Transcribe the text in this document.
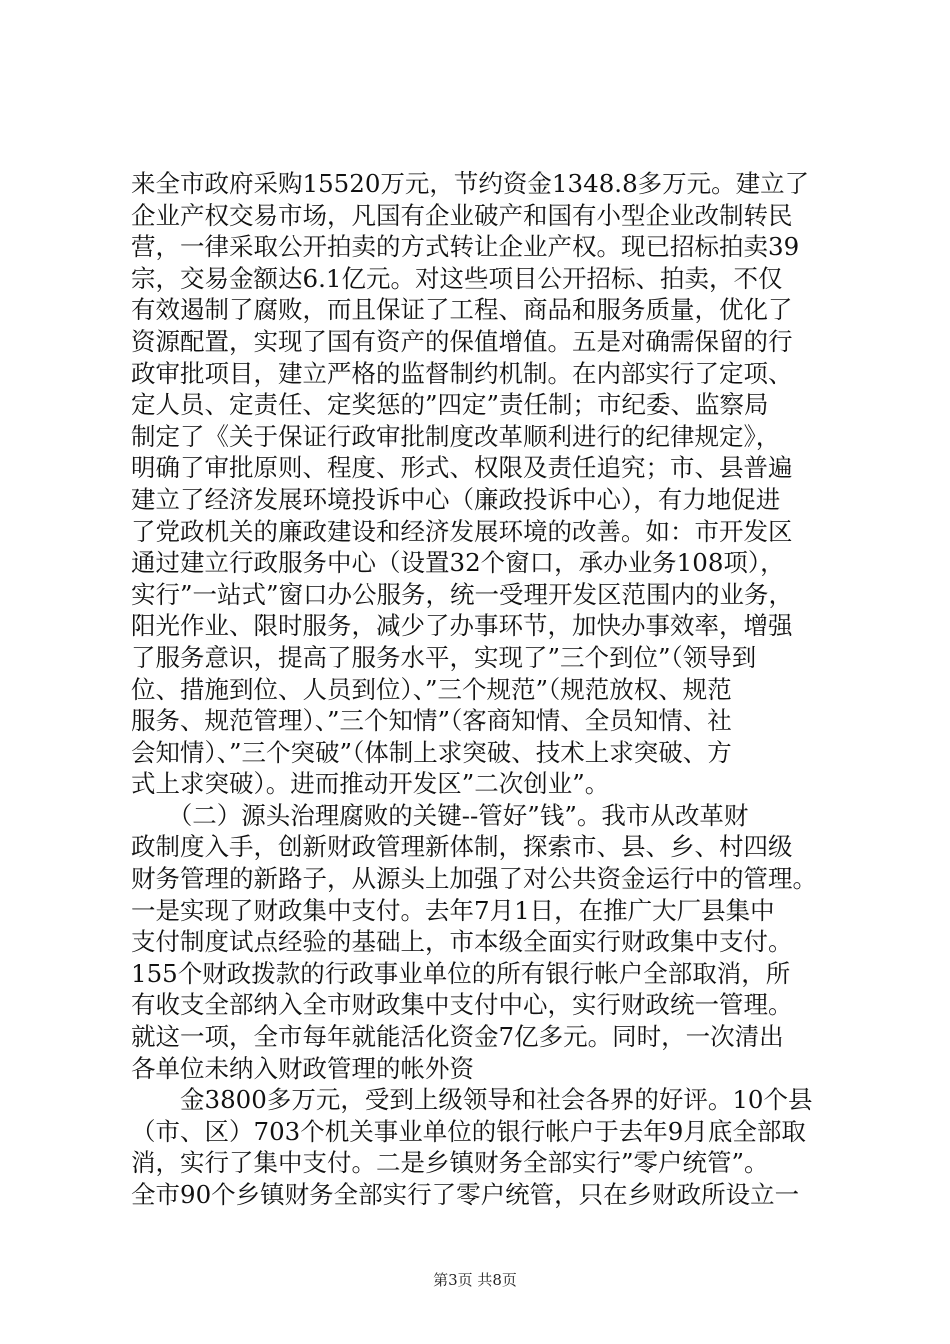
来全市政府采购15520万元，节约资金1348.8多万元。建立了
企业产权交易市场，凡国有企业破产和国有小型企业改制转民
营，一律采取公开拍卖的方式转让企业产权。现已招标拍卖39
宗，交易金额达6.1亿元。对这些项目公开招标、拍卖，不仅
有效遏制了腐败，而且保证了工程、商品和服务质量，优化了
资源配置，实现了国有资产的保值增值。五是对确需保留的行
政审批项目，建立严格的监督制约机制。在内部实行了定项、
定人员、定责任、定奖惩的”四定”责任制；市纪委、监察局
制定了《关于保证行政审批制度改革顺利进行的纪律规定》，
明确了审批原则、程度、形式、权限及责任追究；市、县普遍
建立了经济发展环境投诉中心（廉政投诉中心），有力地促进
了党政机关的廉政建设和经济发展环境的改善。如：市开发区
通过建立行政服务中心（设置32个窗口，承办业务108项），
实行”一站式”窗口办公服务，统一受理开发区范围内的业务，
阳光作业、限时服务，减少了办事环节，加快办事效率，增强
了服务意识，提高了服务水平，实现了”三个到位”（领导到
位、措施到位、人员到位）、”三个规范”（规范放权、规范
服务、规范管理）、”三个知情”（客商知情、全员知情、社
会知情）、”三个突破”（体制上求突破、技术上求突破、方
式上求突破）。进而推动开发区”二次创业”。
　　（二）源头治理腐败的关键--管好”钱”。我市从改革财
政制度入手，创新财政管理新体制，探索市、县、乡、村四级
财务管理的新路子，从源头上加强了对公共资金运行中的管理。
一是实现了财政集中支付。去年7月1日，在推广大厂县集中
支付制度试点经验的基础上，市本级全面实行财政集中支付。
155个财政拨款的行政事业单位的所有银行帐户全部取消，所
有收支全部纳入全市财政集中支付中心，实行财政统一管理。
就这一项，全市每年就能活化资金7亿多元。同时，一次清出
各单位未纳入财政管理的帐外资
　　金3800多万元，受到上级领导和社会各界的好评。10个县
（市、区）703个机关事业单位的银行帐户于去年9月底全部取
消，实行了集中支付。二是乡镇财务全部实行”零户统管”。
全市90个乡镇财务全部实行了零户统管，只在乡财政所设立一
第3页 共8页
